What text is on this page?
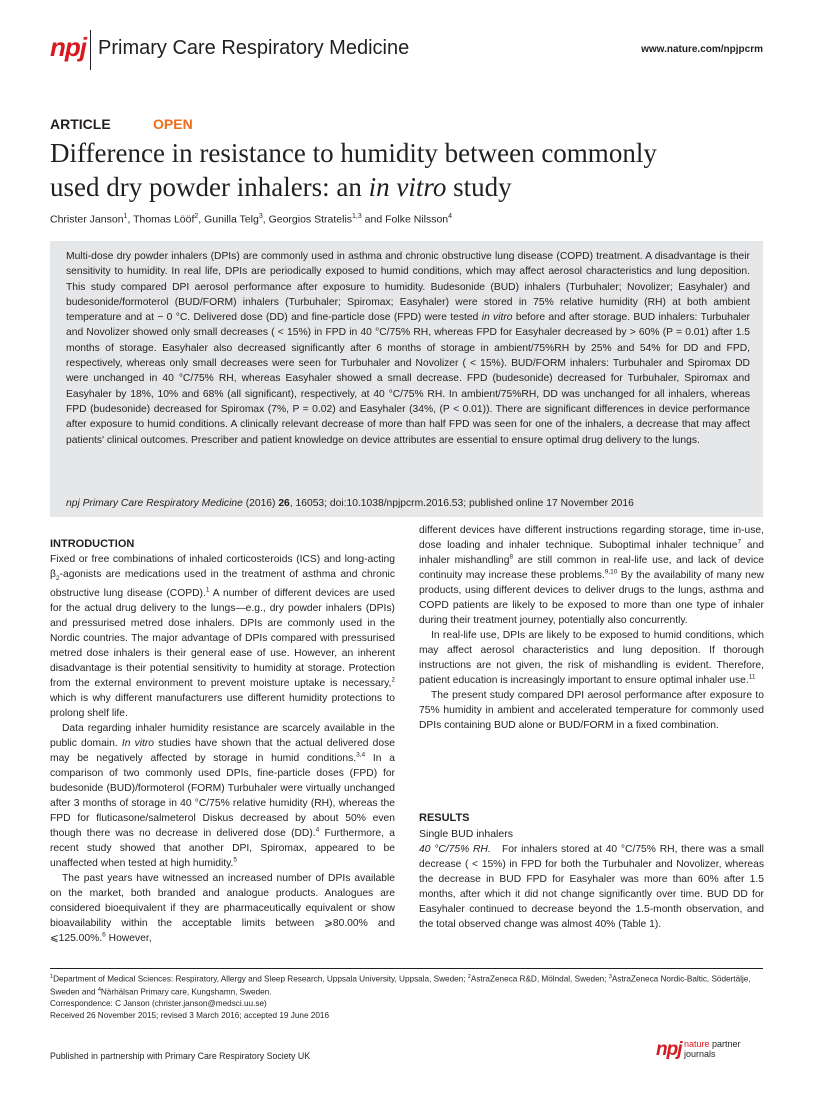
npj Primary Care Respiratory Medicine	www.nature.com/npjpcrm
ARTICLE	OPEN
Difference in resistance to humidity between commonly
used dry powder inhalers: an in vitro study
Christer Janson$^1$, Thomas Lööf$^2$, Gunilla Telg$^3$, Georgios Stratelis$^{1,3}$ and Folke Nilsson$^4$
Multi-dose dry powder inhalers (DPIs) are commonly used in asthma and chronic obstructive lung disease (COPD) treatment. A disadvantage is their sensitivity to humidity. In real life, DPIs are periodically exposed to humid conditions, which may affect aerosol characteristics and lung deposition. This study compared DPI aerosol performance after exposure to humidity. Budesonide (BUD) inhalers (Turbuhaler; Novolizer; Easyhaler) and budesonide/formoterol (BUD/FORM) inhalers (Turbuhaler; Spiromax; Easyhaler) were stored in 75% relative humidity (RH) at both ambient temperature and at − 0 °C. Delivered dose (DD) and fine-particle dose (FPD) were tested in vitro before and after storage. BUD inhalers: Turbuhaler and Novolizer showed only small decreases ( < 15%) in FPD in 40 °C/75% RH, whereas FPD for Easyhaler decreased by > 60% (P = 0.01) after 1.5 months of storage. Easyhaler also decreased significantly after 6 months of storage in ambient/75%RH by 25% and 54% for DD and FPD, respectively, whereas only small decreases were seen for Turbuhaler and Novolizer ( < 15%). BUD/FORM inhalers: Turbuhaler and Spiromax DD were unchanged in 40 °C/75% RH, whereas Easyhaler showed a small decrease. FPD (budesonide) decreased for Turbuhaler, Spiromax and Easyhaler by 18%, 10% and 68% (all significant), respectively, at 40 °C/75% RH. In ambient/75%RH, DD was unchanged for all inhalers, whereas FPD (budesonide) decreased for Spiromax (7%, P = 0.02) and Easyhaler (34%, (P < 0.01)). There are significant differences in device performance after exposure to humid conditions. A clinically relevant decrease of more than half FPD was seen for one of the inhalers, a decrease that may affect patients' clinical outcomes. Prescriber and patient knowledge on device attributes are essential to ensure optimal drug delivery to the lungs.
npj Primary Care Respiratory Medicine (2016) 26, 16053; doi:10.1038/npjpcrm.2016.53; published online 17 November 2016
INTRODUCTION

Fixed or free combinations of inhaled corticosteroids (ICS) and long-acting $\beta_2$-agonists are medications used in the treatment of asthma and chronic obstructive lung disease (COPD).$^1$ A number of different devices are used for the actual drug delivery to the lungs—e.g., dry powder inhalers (DPIs) and pressurised metred dose inhalers. DPIs are commonly used in the Nordic countries. The major advantage of DPIs compared with pressurised metred dose inhalers is their general ease of use. However, an inherent disadvantage is their potential sensitivity to humidity at storage. Protection from the external environment to prevent moisture uptake is necessary,$^2$ which is why different manufacturers use different humidity protections to prolong shelf life.

Data regarding inhaler humidity resistance are scarcely available in the public domain. In vitro studies have shown that the actual delivered dose may be negatively affected by storage in humid conditions.$^{3,4}$ In a comparison of two commonly used DPIs, fine-particle doses (FPD) for budesonide (BUD)/formoterol (FORM) Turbuhaler were virtually unchanged after 3 months of storage in 40 °C/75% relative humidity (RH), whereas the FPD for fluticasone/salmeterol Diskus decreased by about 50% even though there was no decrease in delivered dose (DD).$^4$ Furthermore, a recent study showed that another DPI, Spiromax, appeared to be unaffected when tested at high humidity.$^5$

The past years have witnessed an increased number of DPIs available on the market, both branded and analogue products. Analogues are considered bioequivalent if they are pharmaceutically equivalent or show bioavailability within the acceptable limits between ⩾80.00% and ⩽125.00%.$^6$ However,

different devices have different instructions regarding storage, time in-use, dose loading and inhaler technique. Suboptimal inhaler technique$^7$ and inhaler mishandling$^8$ are still common in real-life use, and lack of device continuity may increase these problems.$^{9,10}$ By the availability of many new products, using different devices to deliver drugs to the lungs, asthma and COPD patients are likely to be exposed to more than one type of inhaler during their treatment journey, potentially also concurrently.

In real-life use, DPIs are likely to be exposed to humid conditions, which may affect aerosol characteristics and lung deposition. If thorough instructions are not given, the risk of mishandling is evident. Therefore, patient education is increasingly important to ensure optimal inhaler use.$^{11}$

The present study compared DPI aerosol performance after exposure to 75% humidity in ambient and accelerated temperature for commonly used DPIs containing BUD alone or BUD/FORM in a fixed combination.

RESULTS
Single BUD inhalers

40 °C/75% RH. For inhalers stored at 40 °C/75% RH, there was a small decrease ( < 15%) in FPD for both the Turbuhaler and Novolizer, whereas the decrease in BUD FPD for Easyhaler was more than 60% after 1.5 months, after which it did not change significantly over time. BUD DD for Easyhaler continued to decrease beyond the 1.5-month observation, and the total observed change was almost 40% (Table 1).

$^1$Department of Medical Sciences: Respiratory, Allergy and Sleep Research, Uppsala University, Uppsala, Sweden; $^2$AstraZeneca R&D, Mölndal, Sweden; $^3$AstraZeneca Nordic-Baltic, Södertälje, Sweden and $^4$Närhälsan Primary care, Kungshamn, Sweden.
Correspondence: C Janson (christer.janson@medsci.uu.se)
Received 26 November 2015; revised 3 March 2016; accepted 19 June 2016
Published in partnership with Primary Care Respiratory Society UK	npj nature partner
journals
